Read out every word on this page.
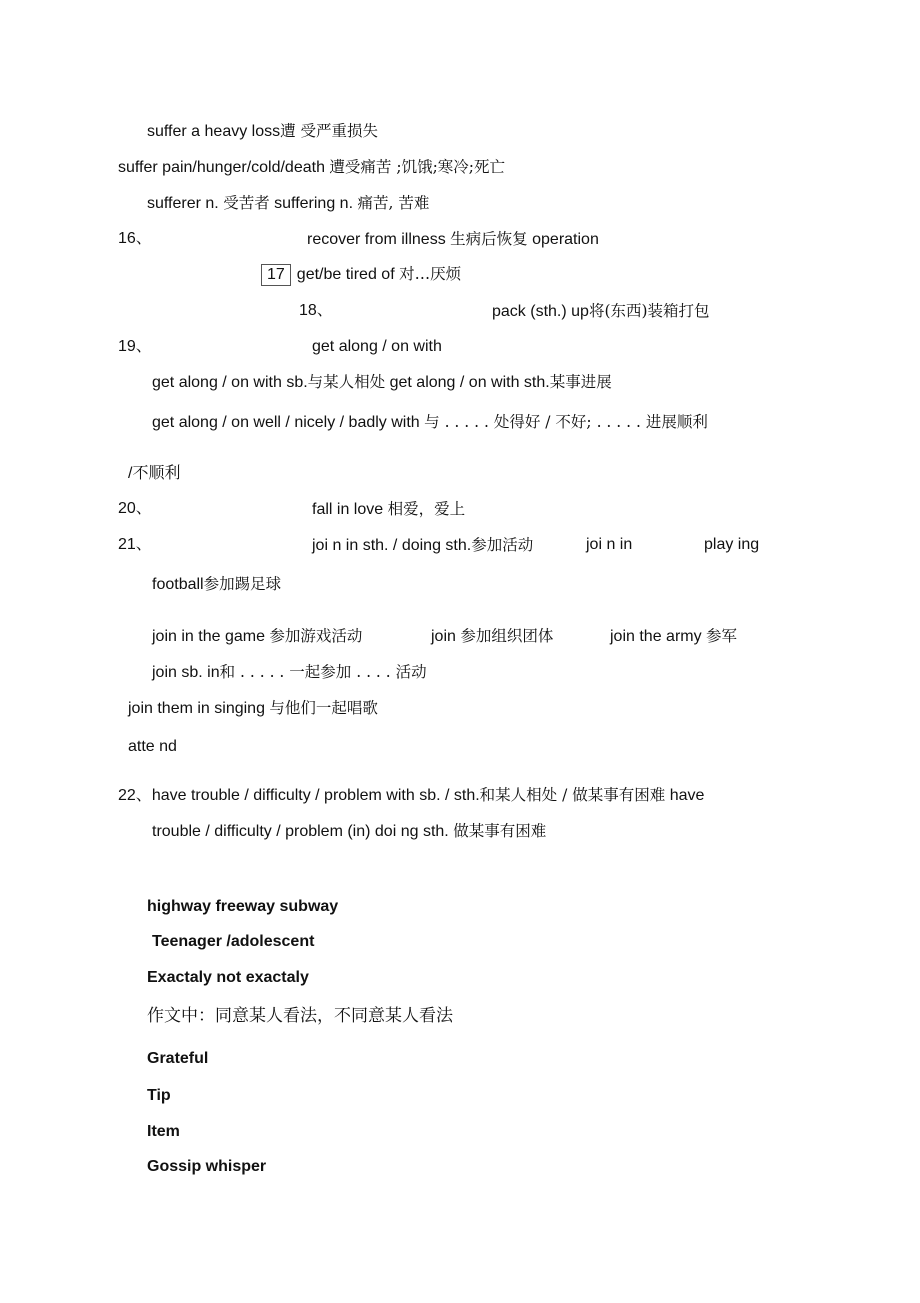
suffer a heavy loss遭 受严重损失
suffer pain/hunger/cold/death 遭受痛苦 ;饥饿;寒冷;死亡
sufferer n. 受苦者 suffering n. 痛苦, 苦难
16、	recover from illness 生病后恢复 operation
17 get/be tired of 对…厌烦
18、	pack (sth.) up将(东西)装箱打包
19、	get along / on with
get along / on with sb.与某人相处 get along / on with sth.某事进展
get along / on well / nicely / badly with 与 . . . . . 处得好 / 不好; . . . . . 进展顺利
/不顺利
20、	fall in love 相爱，爱上
21、	joi n in sth. / doing sth.参加活动	joi n in	play ing
football参加踢足球
join in the game 参加游戏活动	join 参加组织团体	join the army 参军
join sb. in和 . . . . . 一起参加 . . . . 活动
join them in singing 与他们一起唱歌
atte nd
22、have trouble / difficulty / problem with sb. / sth.和某人相处 / 做某事有困难 have
trouble / difficulty / problem (in) doi ng sth. 做某事有困难
highway freeway subway
Teenager /adolescent
Exactaly not exactaly
作文中：同意某人看法，不同意某人看法
Grateful
Tip
Item
Gossip whisper
